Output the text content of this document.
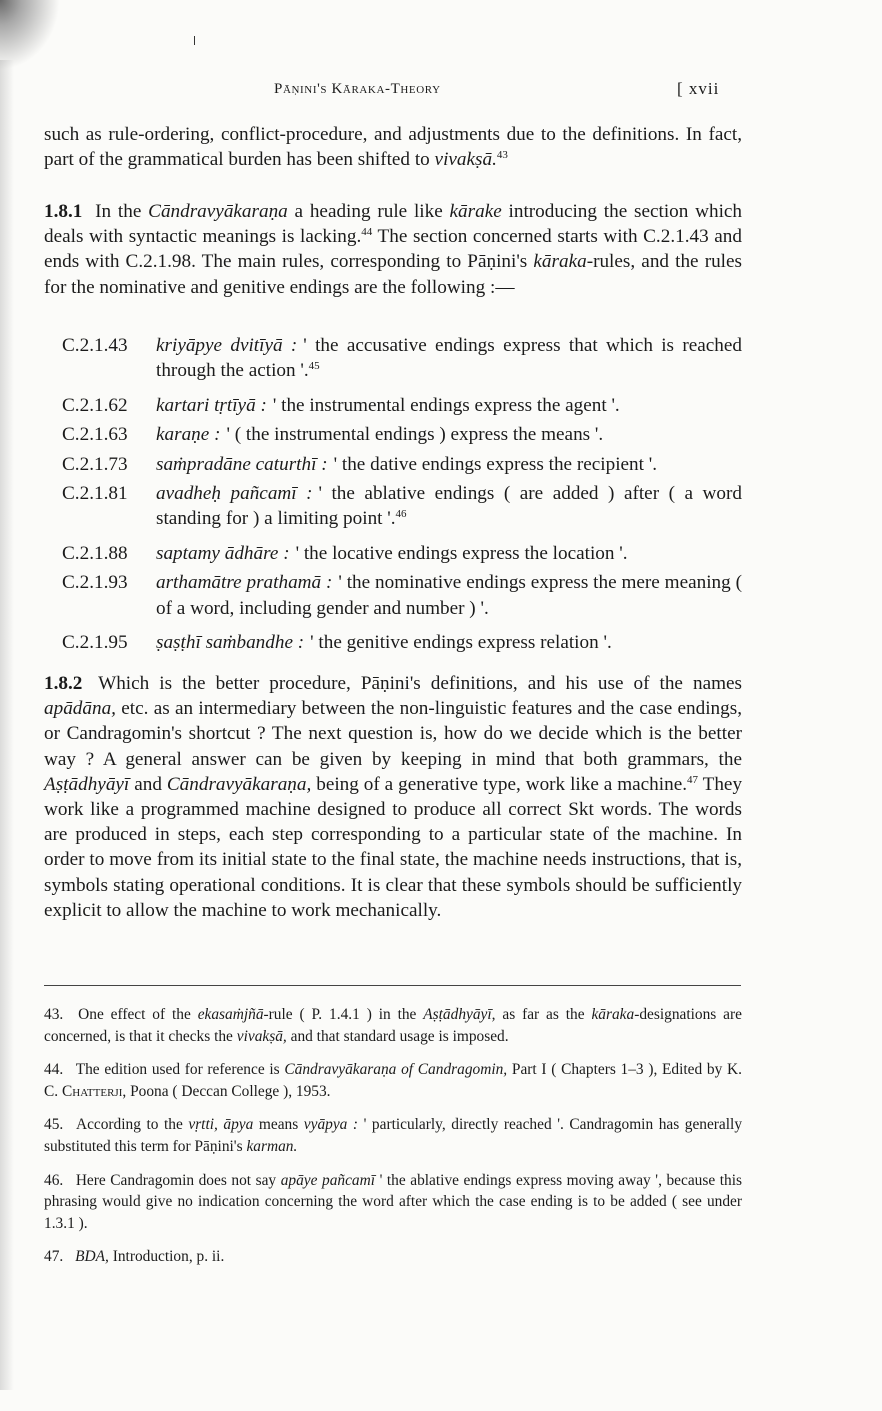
Pāṇini's Kāraka-Theory	[ xvii

such as rule-ordering, conflict-procedure, and adjustments due to the definitions. In fact, part of the grammatical burden has been shifted to vivakṣā.$^{43}$

1.8.1 In the Cāndravyākaraṇa a heading rule like kārake introducing the section which deals with syntactic meanings is lacking.$^{44}$ The section concerned starts with C.2.1.43 and ends with C.2.1.98. The main rules, corresponding to Pāṇini's kāraka-rules, and the rules for the nominative and genitive endings are the following :—

C.2.1.43	kriyāpye dvitīyā : ' the accusative endings express that which is reached through the action '.$^{45}$
C.2.1.62	kartari tṛtīyā : ' the instrumental endings express the agent '.
C.2.1.63	karaṇe : ' ( the instrumental endings ) express the means '.
C.2.1.73	saṁpradāne caturthī : ' the dative endings express the recipient '.
C.2.1.81	avadheḥ pañcamī : ' the ablative endings ( are added ) after ( a word standing for ) a limiting point '.$^{46}$
C.2.1.88	saptamy ādhāre : ' the locative endings express the location '.
C.2.1.93	arthamātre prathamā : ' the nominative endings express the mere meaning ( of a word, including gender and number ) '.
C.2.1.95	ṣaṣṭhī saṁbandhe : ' the genitive endings express relation '.

1.8.2 Which is the better procedure, Pāṇini's definitions, and his use of the names apādāna, etc. as an intermediary between the non-linguistic features and the case endings, or Candragomin's shortcut ? The next question is, how do we decide which is the better way ? A general answer can be given by keeping in mind that both grammars, the Aṣṭādhyāyī and Cāndravyākaraṇa, being of a generative type, work like a machine.$^{47}$ They work like a programmed machine designed to produce all correct Skt words. The words are produced in steps, each step corresponding to a particular state of the machine. In order to move from its initial state to the final state, the machine needs instructions, that is, symbols stating operational conditions. It is clear that these symbols should be sufficiently explicit to allow the machine to work mechanically.

43. One effect of the ekasaṁjñā-rule ( P. 1.4.1 ) in the Aṣṭādhyāyī, as far as the kāraka-designations are concerned, is that it checks the vivakṣā, and that standard usage is imposed.

44. The edition used for reference is Cāndravyākaraṇa of Candragomin, Part I ( Chapters 1–3 ), Edited by K. C. Chatterji, Poona ( Deccan College ), 1953.

45. According to the vṛtti, āpya means vyāpya : ' particularly, directly reached '. Candragomin has generally substituted this term for Pāṇini's karman.

46. Here Candragomin does not say apāye pañcamī ' the ablative endings express moving away ', because this phrasing would give no indication concerning the word after which the case ending is to be added ( see under 1.3.1 ).

47. BDA, Introduction, p. ii.
